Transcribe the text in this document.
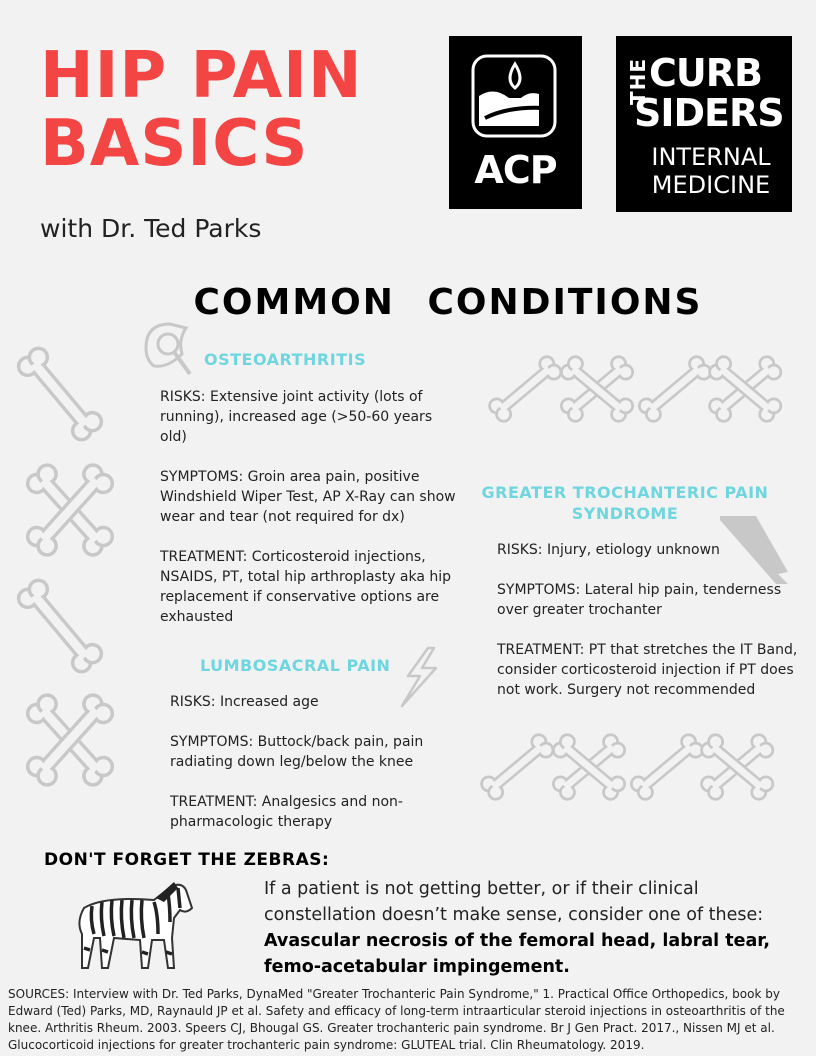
HIP PAIN
BASICS
with Dr. Ted Parks
ACP
THE CURB
SIDERS
INTERNAL
MEDICINE
COMMON CONDITIONS
OSTEOARTHRITIS
RISKS: Extensive joint activity (lots of running), increased age (>50-60 years old)
SYMPTOMS: Groin area pain, positive Windshield Wiper Test, AP X-Ray can show wear and tear (not required for dx)
TREATMENT: Corticosteroid injections, NSAIDS, PT, total hip arthroplasty aka hip replacement if conservative options are exhausted
GREATER TROCHANTERIC PAIN
SYNDROME
RISKS: Injury, etiology unknown
SYMPTOMS: Lateral hip pain, tenderness over greater trochanter
TREATMENT: PT that stretches the IT Band, consider corticosteroid injection if PT does not work. Surgery not recommended
LUMBOSACRAL PAIN
RISKS: Increased age
SYMPTOMS: Buttock/back pain, pain radiating down leg/below the knee
TREATMENT: Analgesics and non-pharmacologic therapy
DON'T FORGET THE ZEBRAS:
If a patient is not getting better, or if their clinical constellation doesn’t make sense, consider one of these:
Avascular necrosis of the femoral head, labral tear, femo-acetabular impingement.
SOURCES: Interview with Dr. Ted Parks, DynaMed "Greater Trochanteric Pain Syndrome," 1. Practical Office Orthopedics, book by Edward (Ted) Parks, MD, Raynauld JP et al. Safety and efficacy of long-term intraarticular steroid injections in osteoarthritis of the knee. Arthritis Rheum. 2003. Speers CJ, Bhougal GS. Greater trochanteric pain syndrome. Br J Gen Pract. 2017., Nissen MJ et al. Glucocorticoid injections for greater trochanteric pain syndrome: GLUTEAL trial. Clin Rheumatology. 2019.
